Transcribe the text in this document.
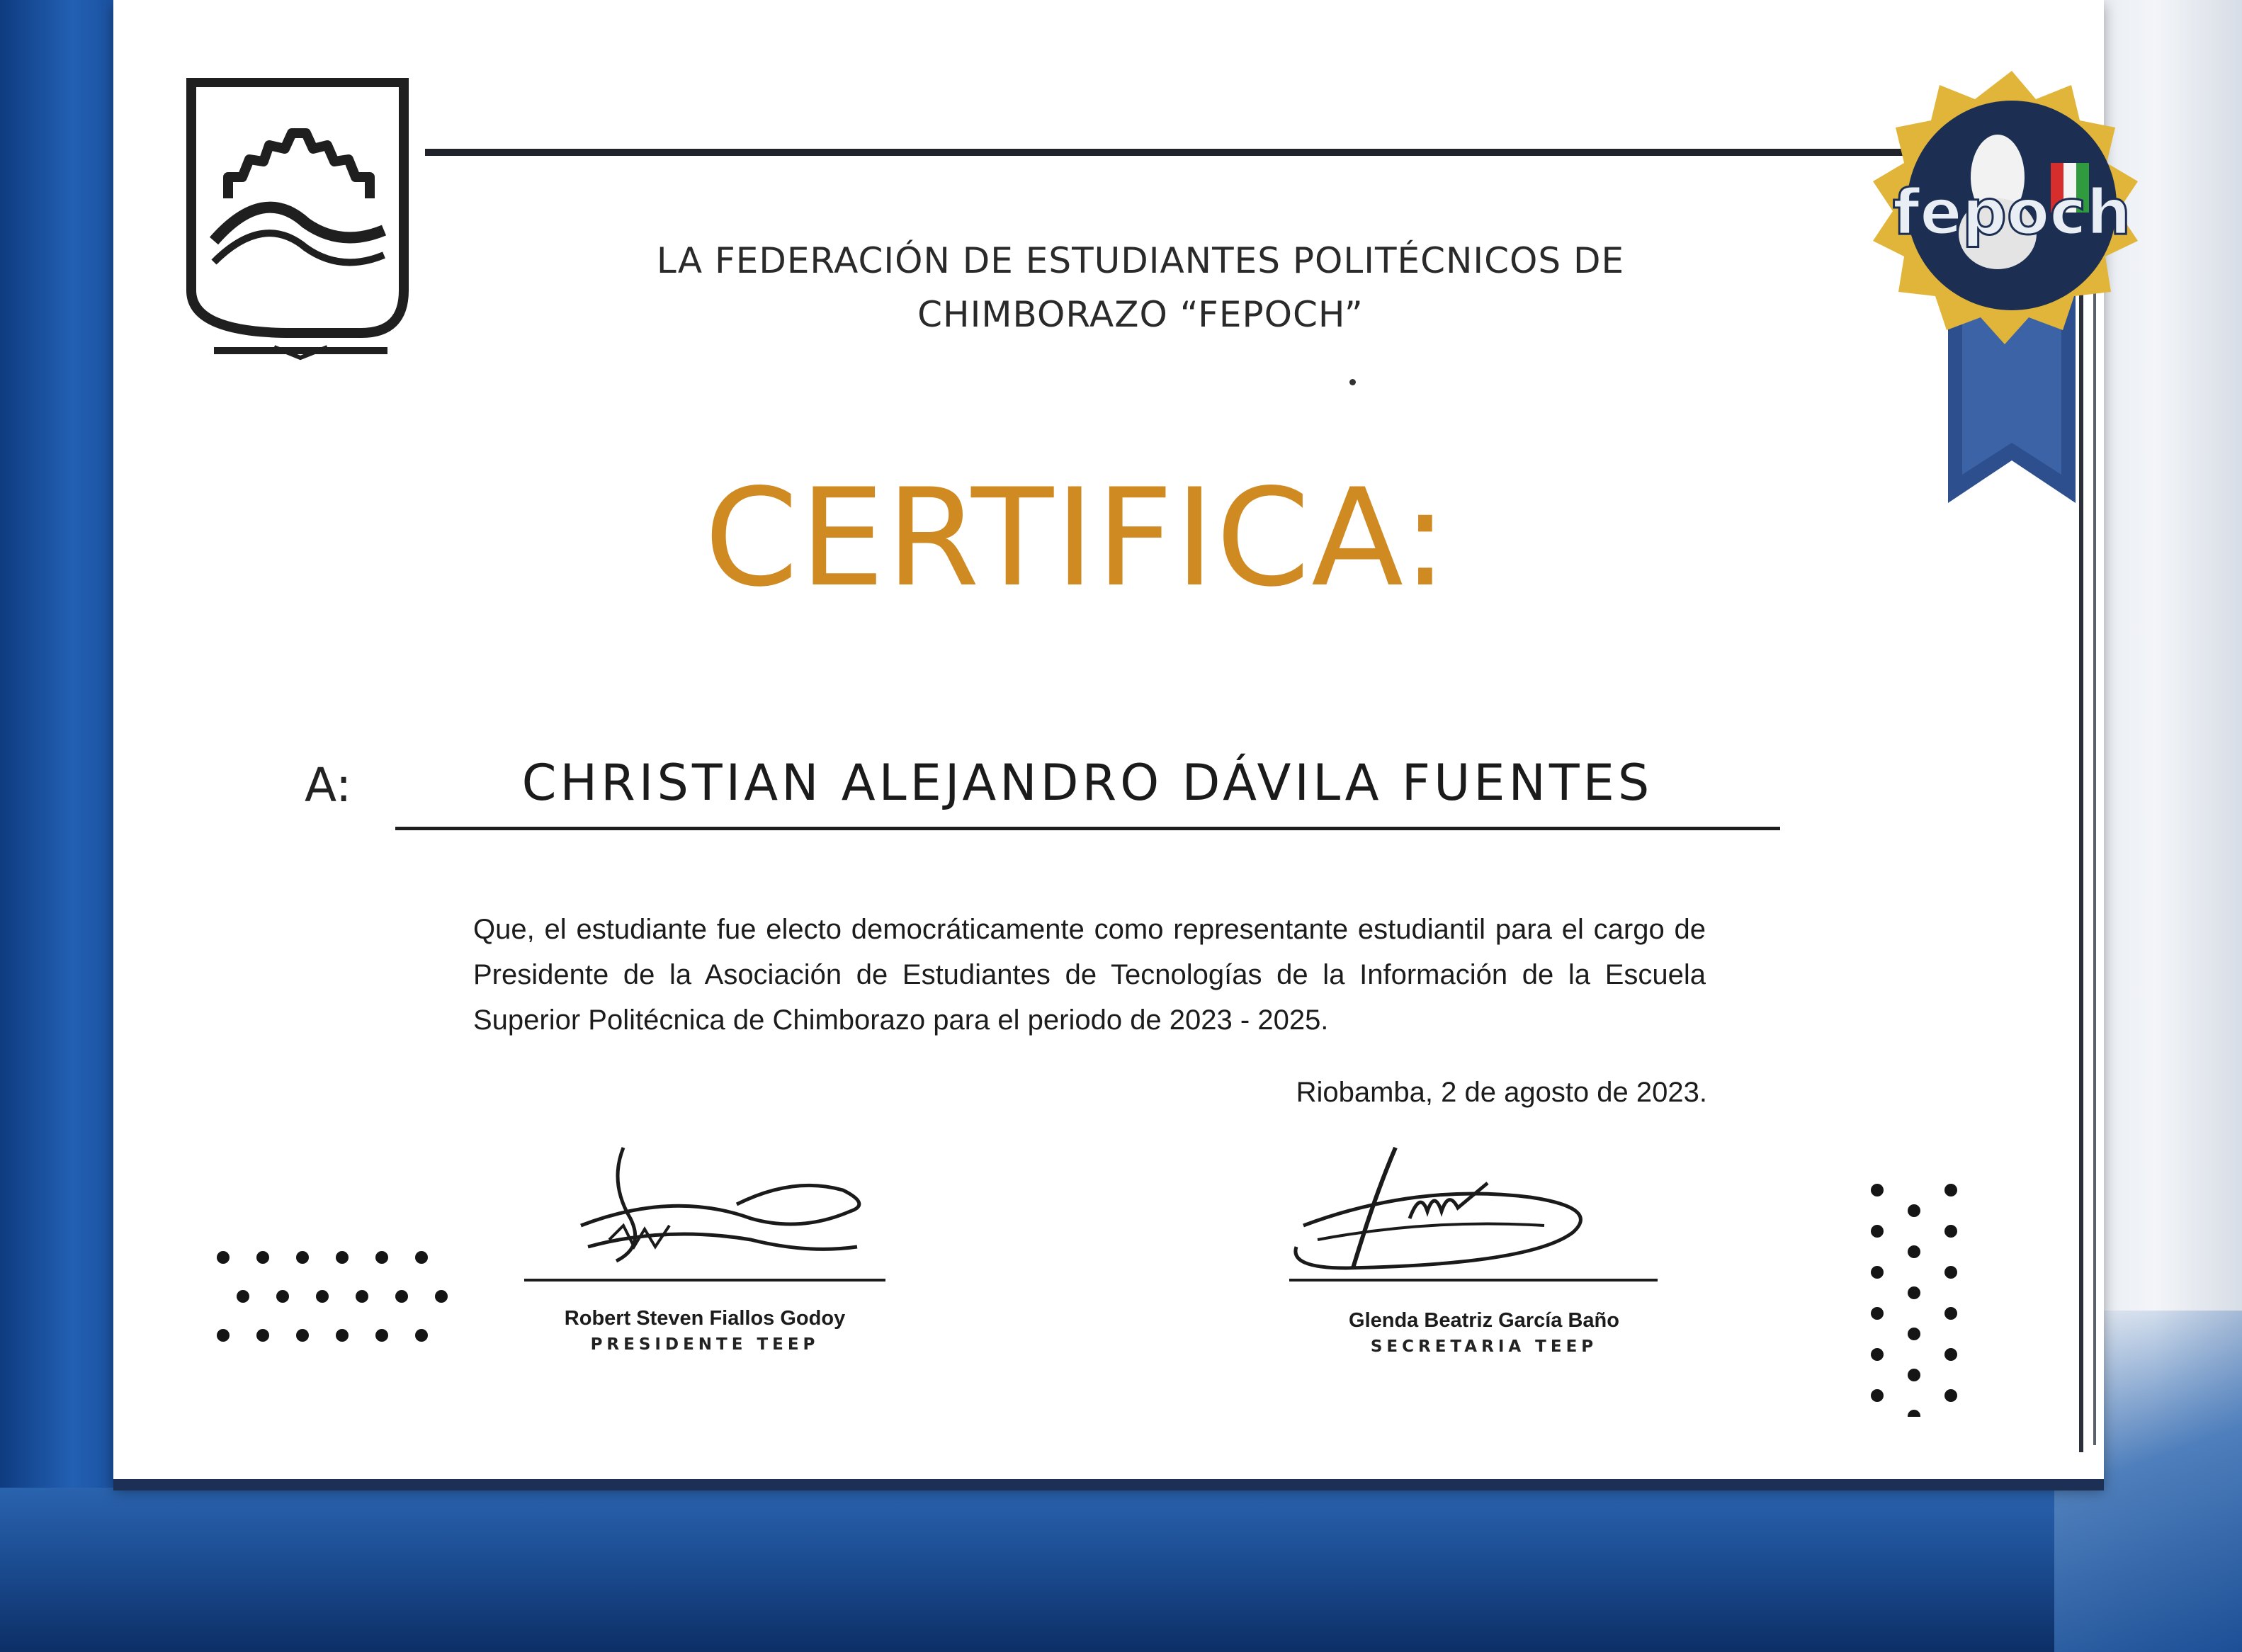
fepoch
LA FEDERACIÓN DE ESTUDIANTES POLITÉCNICOS DE
CHIMBORAZO “FEPOCH”
CERTIFICA:
A:	CHRISTIAN ALEJANDRO DÁVILA FUENTES
Que, el estudiante fue electo democráticamente como representante estudiantil para el cargo de Presidente de la Asociación de Estudiantes de Tecnologías de la Información de la Escuela Superior Politécnica de Chimborazo para el periodo de 2023 - 2025.
Riobamba, 2 de agosto de 2023.
Robert Steven Fiallos Godoy
PRESIDENTE TEEP
Glenda Beatriz García Baño
SECRETARIA TEEP
